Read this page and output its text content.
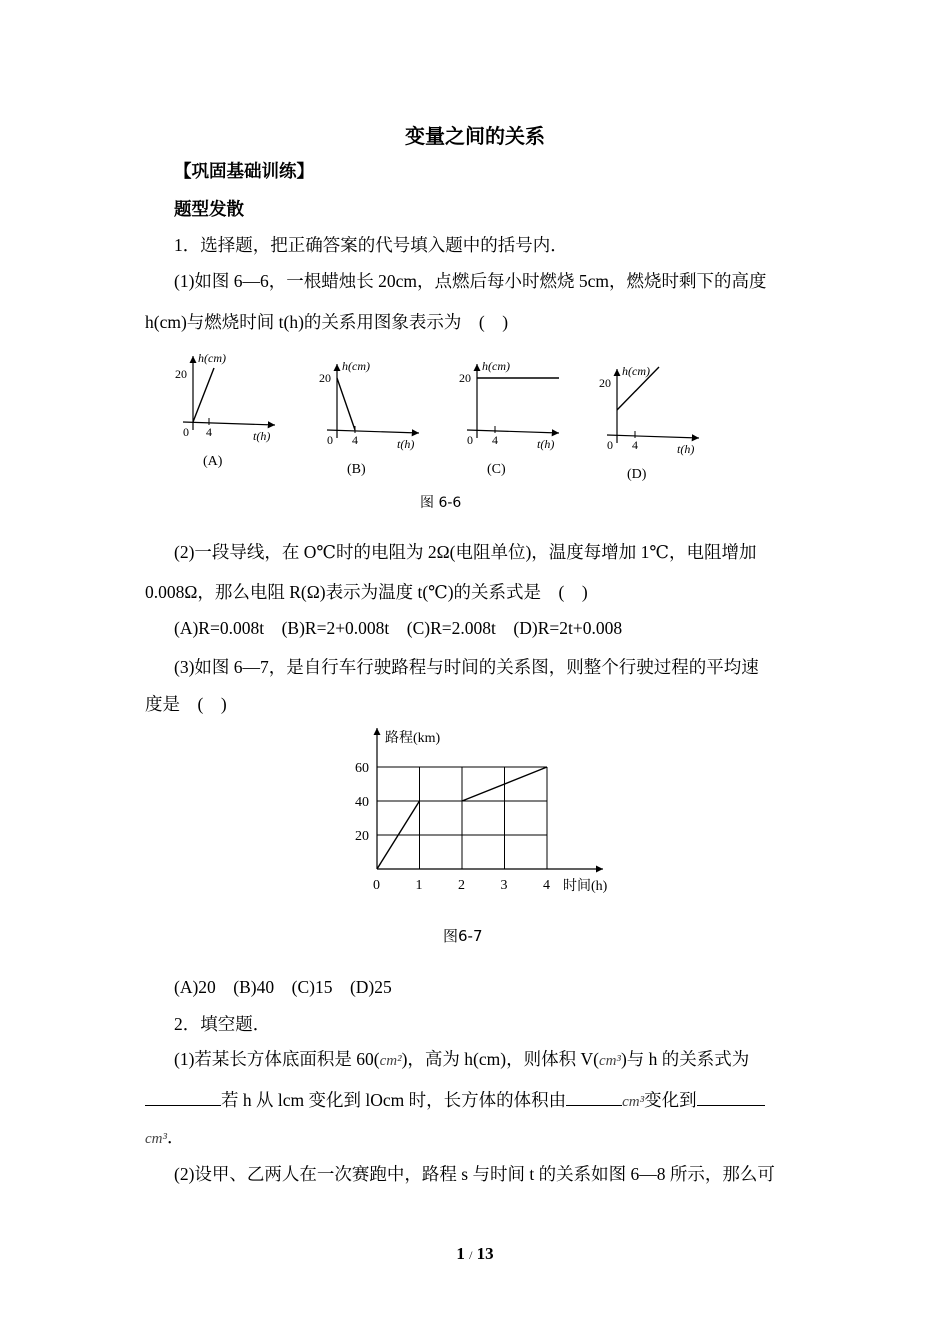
变量之间的关系
【巩固基础训练】
题型发散
1．选择题，把正确答案的代号填入题中的括号内．
(1)如图 6—6，一根蜡烛长 20cm，点燃后每小时燃烧 5cm，燃烧时剩下的高度
h(cm)与燃烧时间 t(h)的关系用图象表示为　(　)
h(cm)
t(h)
20
4
0
(A)
h(cm)
t(h)
20
4
0
(B)
h(cm)
t(h)
20
4
0
(C)
h(cm)
t(h)
20
4
0
(D)
图 6-6
(2)一段导线，在 O℃时的电阻为 2Ω(电阻单位)，温度每增加 1℃，电阻增加
0.008Ω，那么电阻 R(Ω)表示为温度 t(℃)的关系式是　(　)
(A)R=0.008t　(B)R=2+0.008t　(C)R=2.008t　(D)R=2t+0.008
(3)如图 6—7，是自行车行驶路程与时间的关系图，则整个行驶过程的平均速
度是　(　)
路程(km)
时间(h)
0	1	2	3	4
20
40
60
图6-7
(A)20　(B)40　(C)15　(D)25
2．填空题．
(1)若某长方体底面积是 60(cm²)，高为 h(cm)，则体积 V(cm³)与 h 的关系式为
若 h 从 lcm 变化到 lOcm 时，长方体的体积由	cm³变化到
cm³．
(2)设甲、乙两人在一次赛跑中，路程 s 与时间 t 的关系如图 6—8 所示，那么可
1 / 13
